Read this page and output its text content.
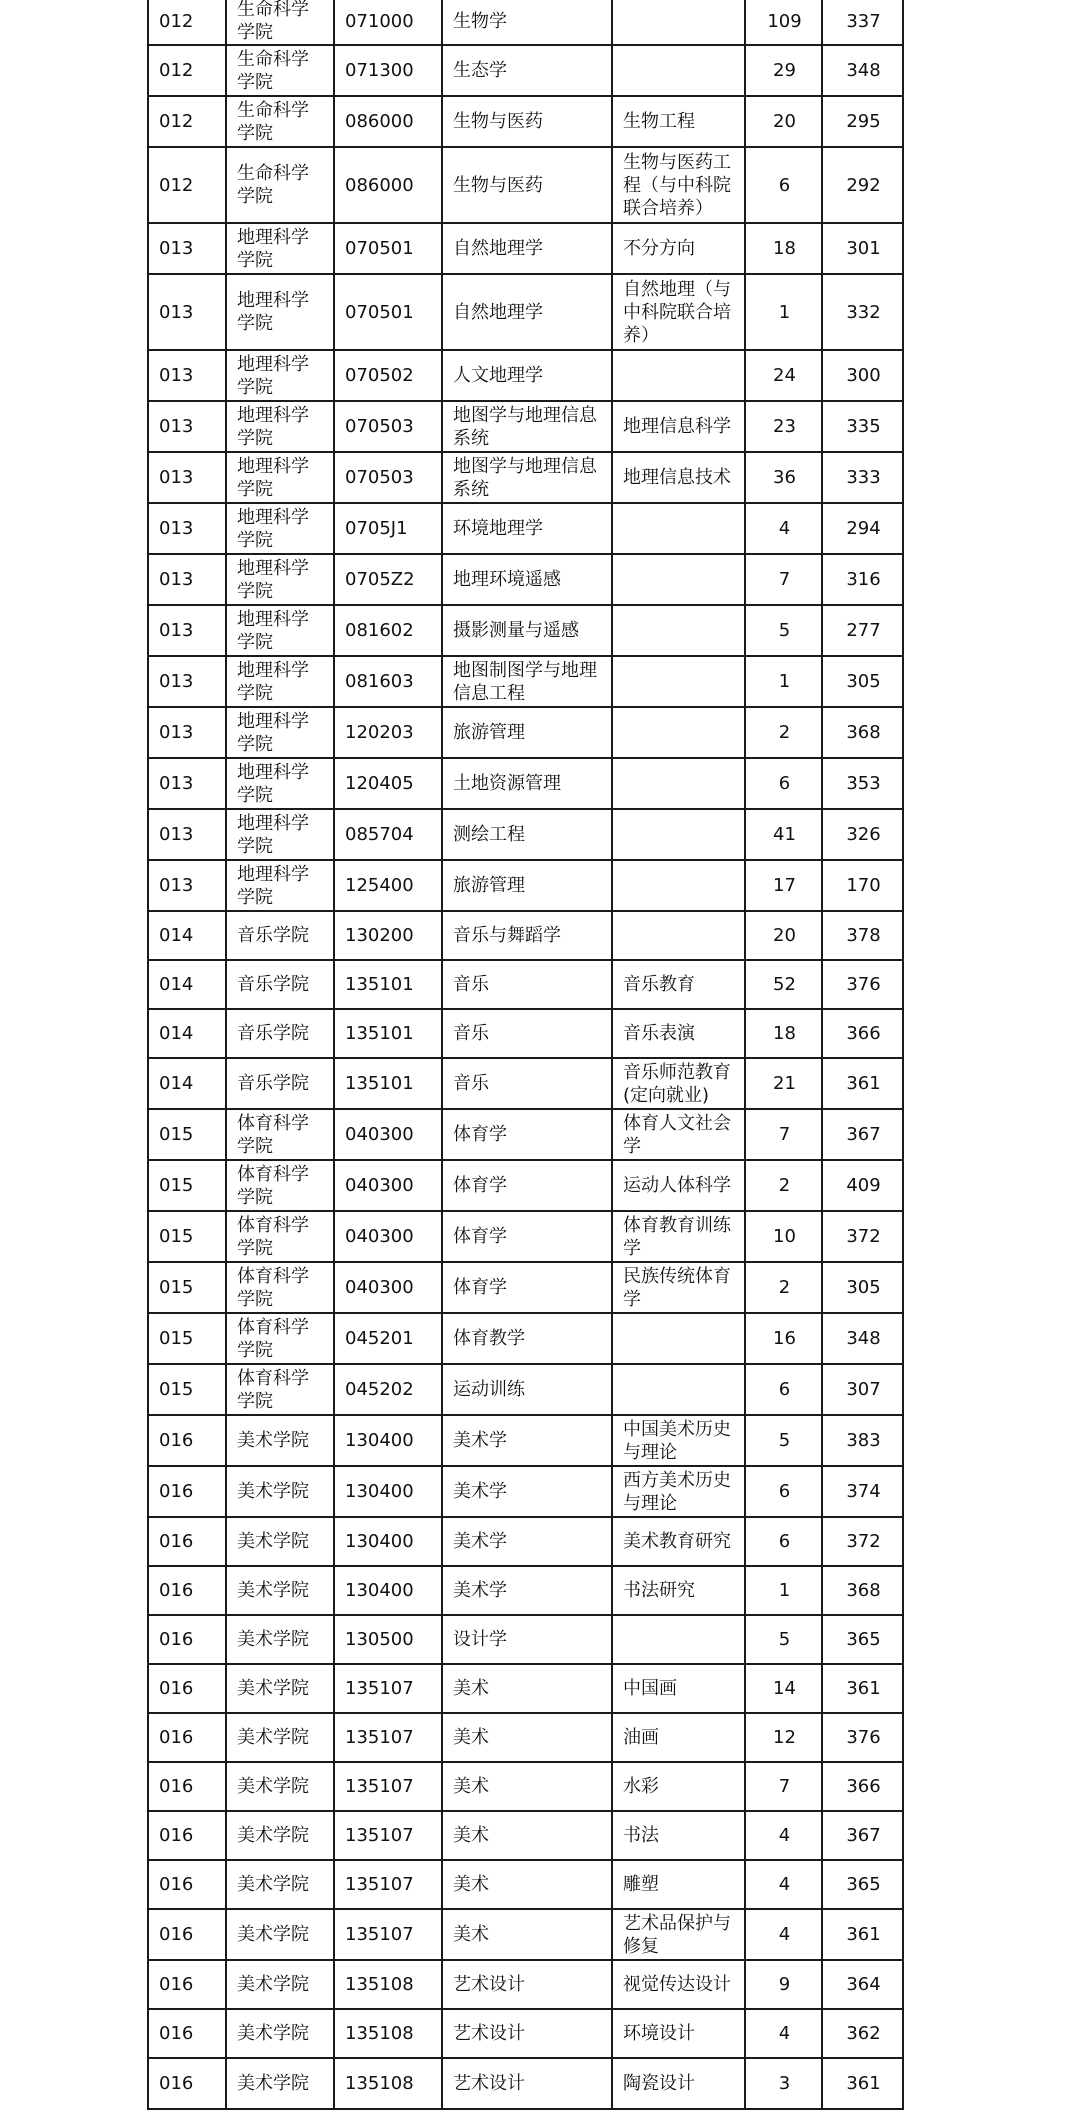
012	生命科学学院	071000	生物学		109	337
012	生命科学学院	071300	生态学		29	348
012	生命科学学院	086000	生物与医药	生物工程	20	295
012	生命科学学院	086000	生物与医药	生物与医药工程（与中科院联合培养）	6	292
013	地理科学学院	070501	自然地理学	不分方向	18	301
013	地理科学学院	070501	自然地理学	自然地理（与中科院联合培养）	1	332
013	地理科学学院	070502	人文地理学		24	300
013	地理科学学院	070503	地图学与地理信息系统	地理信息科学	23	335
013	地理科学学院	070503	地图学与地理信息系统	地理信息技术	36	333
013	地理科学学院	0705J1	环境地理学		4	294
013	地理科学学院	0705Z2	地理环境遥感		7	316
013	地理科学学院	081602	摄影测量与遥感		5	277
013	地理科学学院	081603	地图制图学与地理信息工程		1	305
013	地理科学学院	120203	旅游管理		2	368
013	地理科学学院	120405	土地资源管理		6	353
013	地理科学学院	085704	测绘工程		41	326
013	地理科学学院	125400	旅游管理		17	170
014	音乐学院	130200	音乐与舞蹈学		20	378
014	音乐学院	135101	音乐	音乐教育	52	376
014	音乐学院	135101	音乐	音乐表演	18	366
014	音乐学院	135101	音乐	音乐师范教育(定向就业)	21	361
015	体育科学学院	040300	体育学	体育人文社会学	7	367
015	体育科学学院	040300	体育学	运动人体科学	2	409
015	体育科学学院	040300	体育学	体育教育训练学	10	372
015	体育科学学院	040300	体育学	民族传统体育学	2	305
015	体育科学学院	045201	体育教学		16	348
015	体育科学学院	045202	运动训练		6	307
016	美术学院	130400	美术学	中国美术历史与理论	5	383
016	美术学院	130400	美术学	西方美术历史与理论	6	374
016	美术学院	130400	美术学	美术教育研究	6	372
016	美术学院	130400	美术学	书法研究	1	368
016	美术学院	130500	设计学		5	365
016	美术学院	135107	美术	中国画	14	361
016	美术学院	135107	美术	油画	12	376
016	美术学院	135107	美术	水彩	7	366
016	美术学院	135107	美术	书法	4	367
016	美术学院	135107	美术	雕塑	4	365
016	美术学院	135107	美术	艺术品保护与修复	4	361
016	美术学院	135108	艺术设计	视觉传达设计	9	364
016	美术学院	135108	艺术设计	环境设计	4	362
016	美术学院	135108	艺术设计	陶瓷设计	3	361
